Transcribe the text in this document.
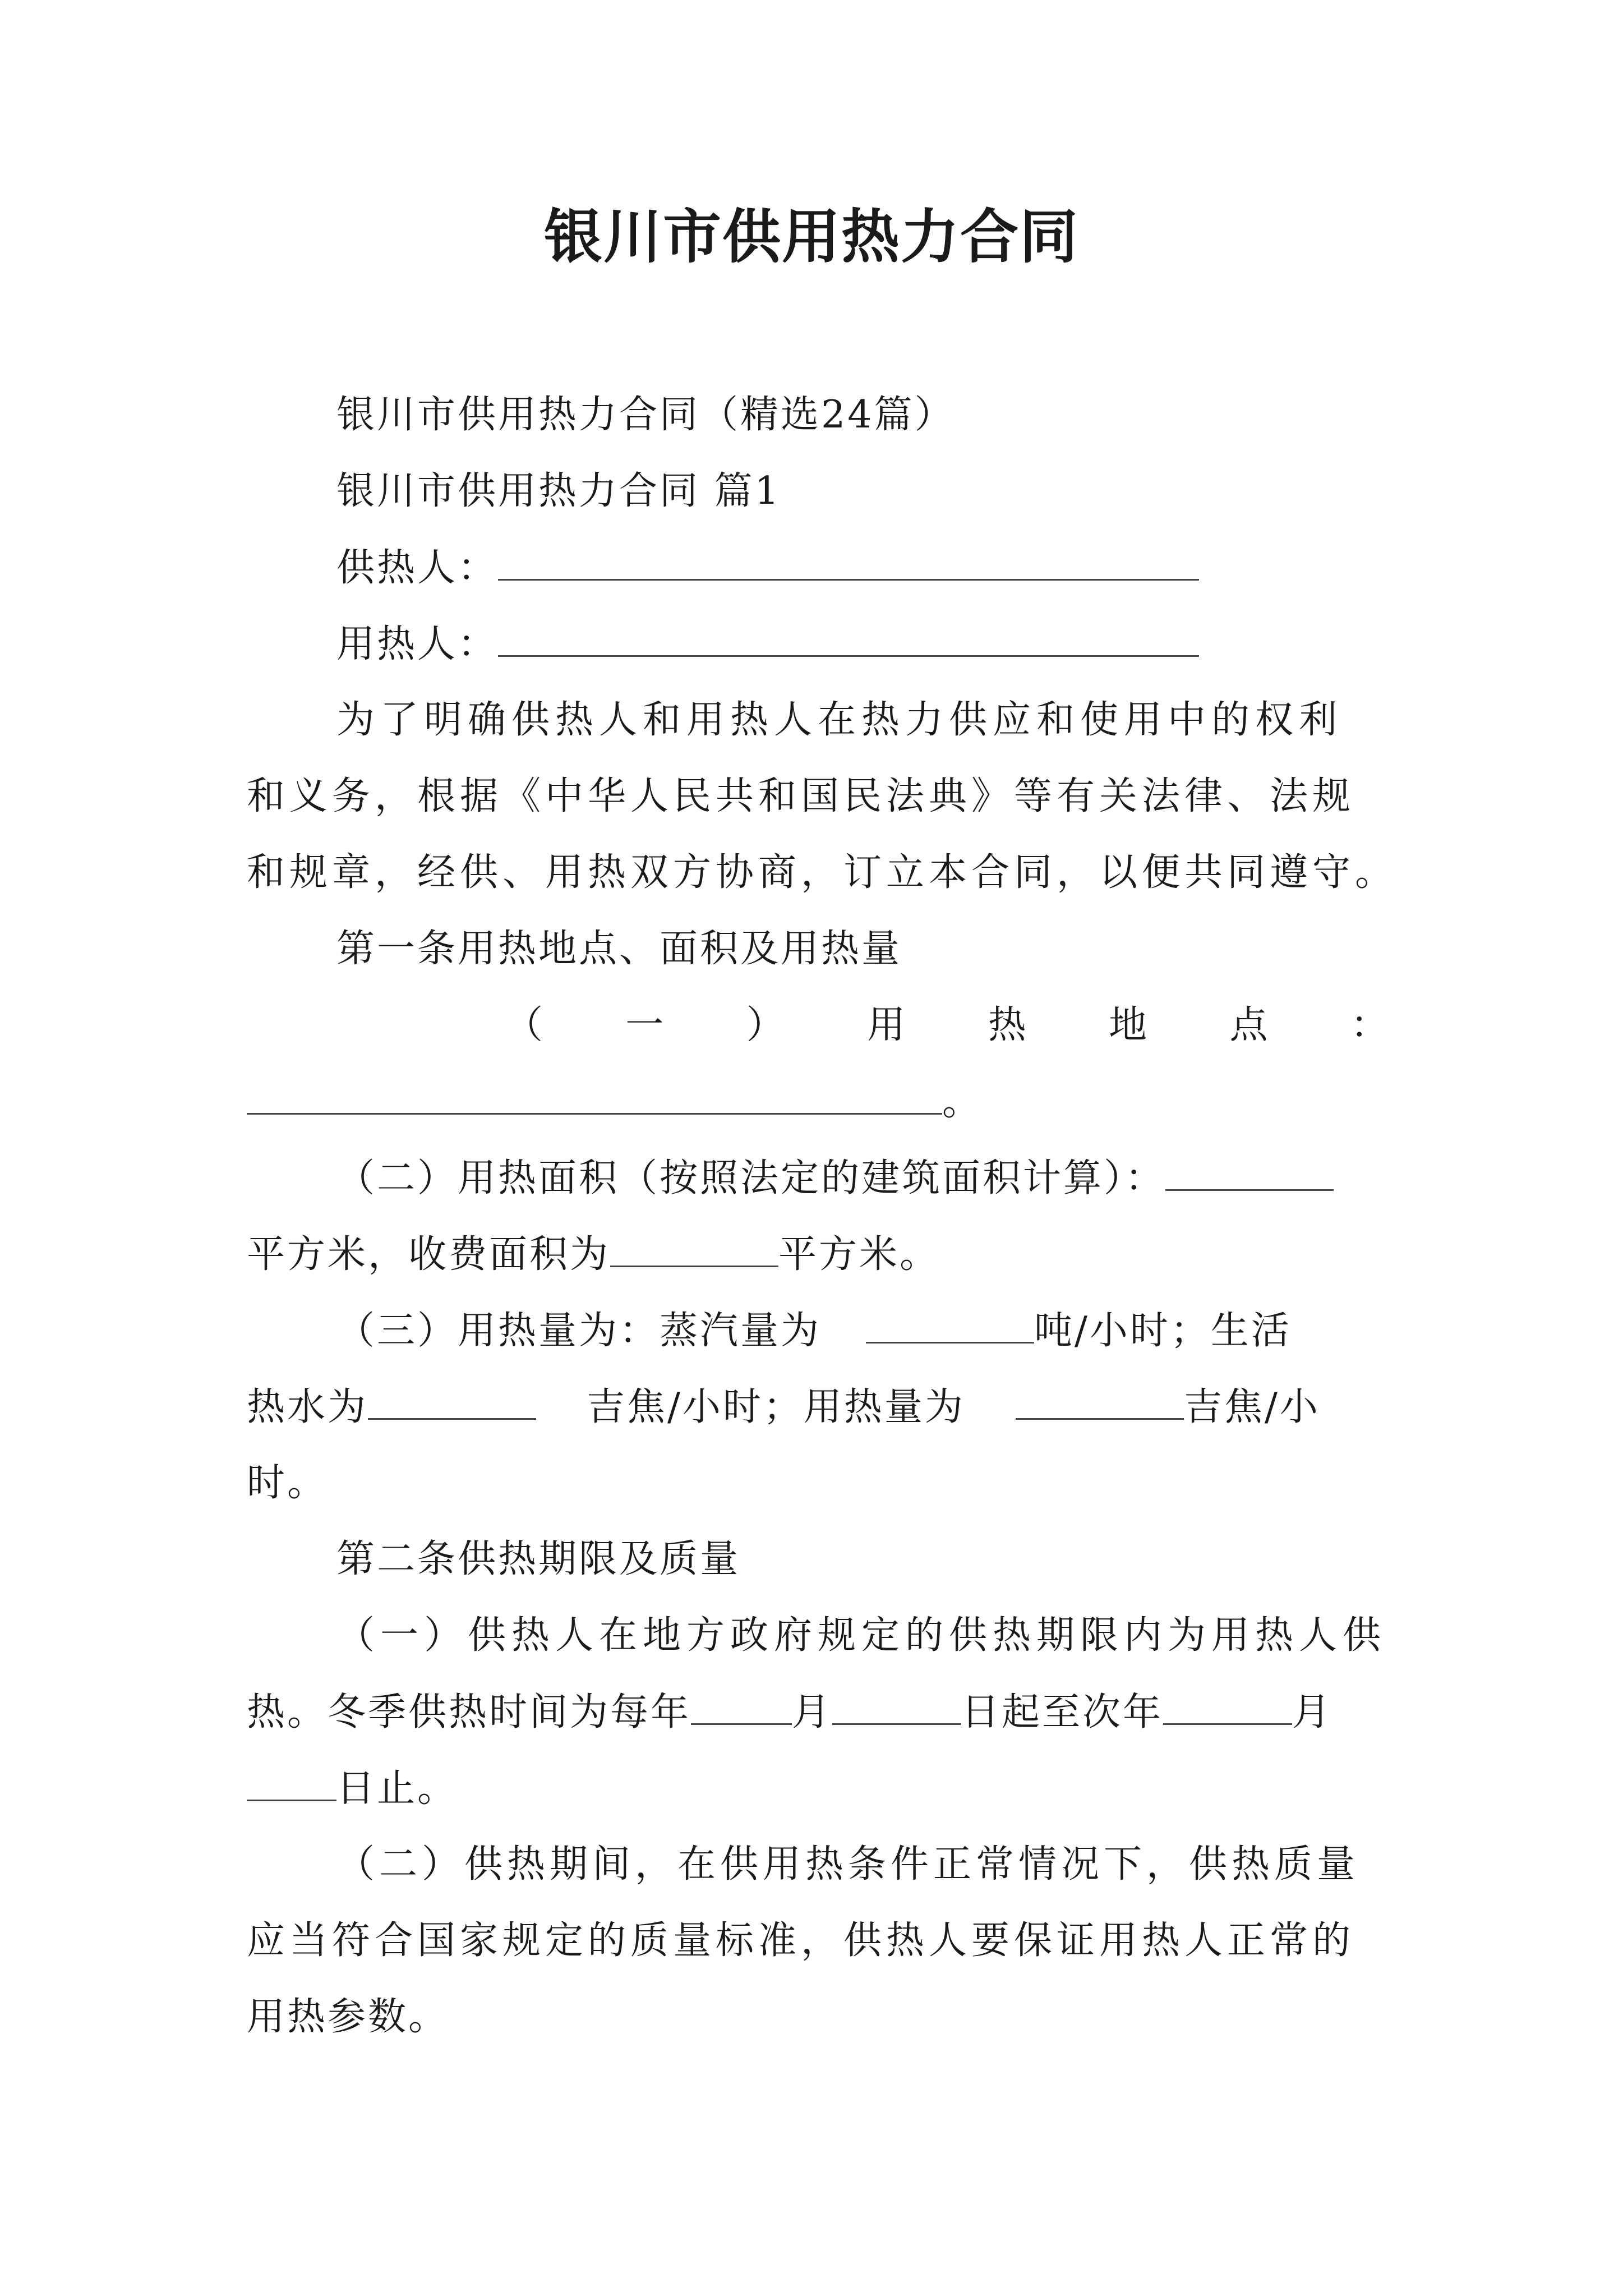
银川市供用热力合同
银川市供用热力合同（精选24篇）
银川市供用热力合同 篇1
供热人：
用热人：
为了明确供热人和用热人在热力供应和使用中的权利
和义务，根据《中华人民共和国民法典》等有关法律、法规
和规章，经供、用热双方协商，订立本合同，以便共同遵守。
第一条用热地点、面积及用热量
（ 一 ） 用 热 地 点 ：
。
（二）用热面积（按照法定的建筑面积计算）：
平方米，收费面积为	平方米。
（三）用热量为：蒸汽量为	吨/小时；生活
热水为	吉焦/小时；用热量为	吉焦/小
时。
第二条供热期限及质量
（一）供热人在地方政府规定的供热期限内为用热人供
热。冬季供热时间为每年	月	日起至次年	月
日止。
（二）供热期间，在供用热条件正常情况下，供热质量
应当符合国家规定的质量标准，供热人要保证用热人正常的
用热参数。
